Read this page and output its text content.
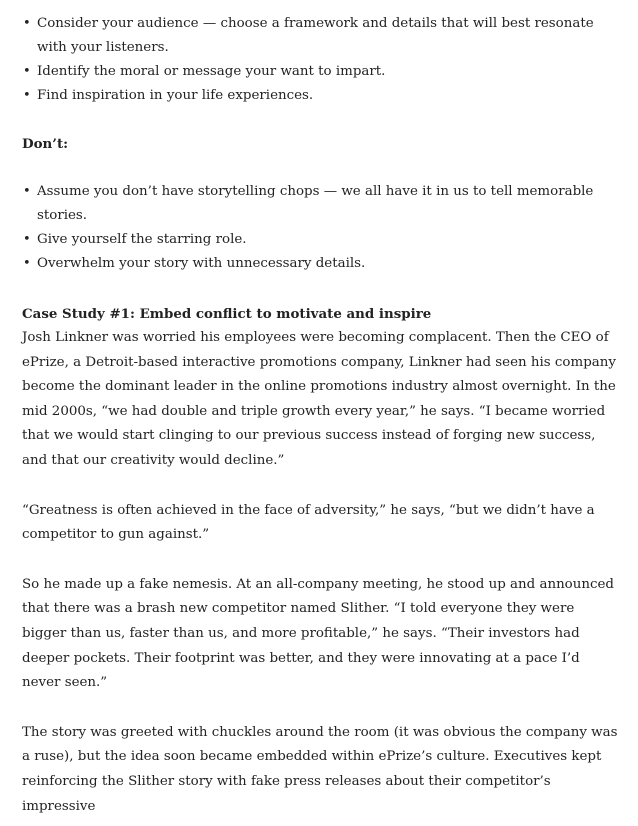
• Consider your audience — choose a framework and details that will best resonate with your listeners.
• Identify the moral or message your want to impart.
• Find inspiration in your life experiences.

Don’t:

• Assume you don’t have storytelling chops — we all have it in us to tell memorable stories.
• Give yourself the starring role.
• Overwhelm your story with unnecessary details.

Case Study #1: Embed conflict to motivate and inspire

Josh Linkner was worried his employees were becoming complacent. Then the CEO of ePrize, a Detroit-based interactive promotions company, Linkner had seen his company become the dominant leader in the online promotions industry almost overnight. In the mid 2000s, “we had double and triple growth every year,” he says. “I became worried that we would start clinging to our previous success instead of forging new success, and that our creativity would decline.”

“Greatness is often achieved in the face of adversity,” he says, “but we didn’t have a competitor to gun against.”

So he made up a fake nemesis. At an all-company meeting, he stood up and announced that there was a brash new competitor named Slither. “I told everyone they were bigger than us, faster than us, and more profitable,” he says. “Their investors had deeper pockets. Their footprint was better, and they were innovating at a pace I’d never seen.”

The story was greeted with chuckles around the room (it was obvious the company was a ruse), but the idea soon became embedded within ePrize’s culture. Executives kept reinforcing the Slither story with fake press releases about their competitor’s impressive
